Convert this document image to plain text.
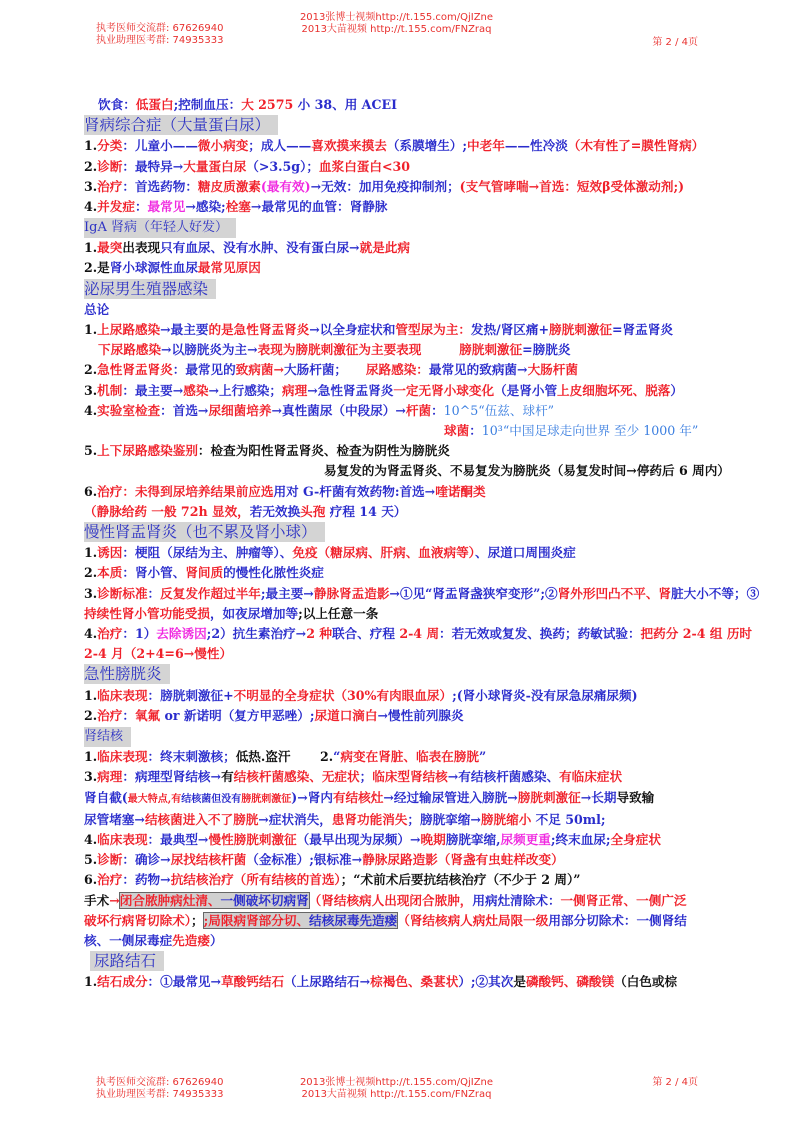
执考医师交流群: 67626940
执业助理医考群: 74935333
2013张博士视频http://t.155.com/QjIZne
2013大苗视频 http://t.155.com/FNZraq
第 2 / 4页
饮食：低蛋白;控制血压：大 2575 小 38、用 ACEI
肾病综合症（大量蛋白尿）
1.分类：儿童小——微小病变；成人——喜欢摸来摸去（系膜增生）;中老年——性冷淡（木有性了=膜性肾病）
2.诊断：最特异→大量蛋白尿（>3.5g）；血浆白蛋白<30
3.治疗：首选药物：糖皮质激素(最有效)→无效：加用免疫抑制剂；(支气管哮喘→首选：短效β受体激动剂;)
4.并发症：最常见→感染;栓塞→最常见的血管：肾静脉
IgA 肾病（年轻人好发）
1.最突出表现只有血尿、没有水肿、没有蛋白尿→就是此病
2.是肾小球源性血尿最常见原因
泌尿男生殖器感染
总论
1.上尿路感染→最主要的是急性肾盂肾炎→以全身症状和管型尿为主：发热/肾区痛+膀胱刺激征=肾盂肾炎
下尿路感染→以膀胱炎为主→表现为膀胱刺激征为主要表现　　　	膀胱刺激征=膀胱炎
2.急性肾盂肾炎：最常见的致病菌→大肠杆菌；　　尿路感染：最常见的致病菌→大肠杆菌
3.机制：最主要→感染→上行感染；病理→急性肾盂肾炎一定无肾小球变化（是肾小管上皮细胞坏死、脱落）
4.实验室检查：首选→尿细菌培养→真性菌尿（中段尿）→杆菌：10^5“伍兹、球杆”
球菌：10³“中国足球走向世界 至少 1000 年”
5.上下尿路感染鉴别：检查为阳性肾盂肾炎、检查为阴性为膀胱炎
易复发的为肾盂肾炎、不易复发为膀胱炎（易复发时间→停药后 6 周内）
6.治疗：未得到尿培养结果前应选用对 G-杆菌有效药物:首选→喹诺酮类
（静脉给药 一般 72h 显效，若无效换头孢 疗程 14 天）
慢性肾盂肾炎（也不累及肾小球）
1.诱因：梗阻（尿结为主、肿瘤等）、免疫（糖尿病、肝病、血液病等）、尿道口周围炎症
2.本质：肾小管、肾间质的慢性化脓性炎症
3.诊断标准：反复发作超过半年;最主要→静脉肾盂造影→①见“肾盂肾盏狭窄变形”;②肾外形凹凸不平、肾脏大小不等；③持续性肾小管功能受损，如夜尿增加等;以上任意一条
4.治疗：1）去除诱因;2）抗生素治疗→2 种联合、疗程 2-4 周：若无效或复发、换药；药敏试验：把药分 2-4 组 历时 2-4 月（2+4=6→慢性）
急性膀胱炎
1.临床表现：膀胱刺激征+不明显的全身症状（30%有肉眼血尿）;(肾小球肾炎-没有尿急尿痛尿频)
2.治疗：氧氟 or 新诺明（复方甲恶唑）;尿道口滴白→慢性前列腺炎
肾结核
1.临床表现：终末刺激核；低热.盗汗　　 2.“病变在肾脏、临表在膀胱”
3.病理：病理型肾结核→有结核杆菌感染、无症状；临床型肾结核→有结核杆菌感染、有临床症状
肾自截(最大特点,有结核菌但没有膀胱刺激征)→肾内有结核灶→经过输尿管进入膀胱→膀胱刺激征→长期导致输
尿管堵塞→结核菌进入不了膀胱→症状消失，患肾功能消失；膀胱挛缩→膀胱缩小 不足 50ml;
4.临床表现：最典型→慢性膀胱刺激征（最早出现为尿频）→晚期膀胱挛缩,尿频更重;终末血尿;全身症状
5.诊断：确诊→尿找结核杆菌（金标准）;银标准→静脉尿路造影（肾盏有虫蛀样改变）
6.治疗：药物→抗结核治疗（所有结核的首选）；“术前术后要抗结核治疗（不少于 2 周）”
手术→闭合脓肿病灶清、一侧破坏切病肾（肾结核病人出现闭合脓肿，用病灶清除术：一侧肾正常、一侧广泛
破坏行病肾切除术）；;局限病肾部分切、结核尿毒先造瘘（肾结核病人病灶局限一级用部分切除术：一侧肾结
核、一侧尿毒症先造瘘）
尿路结石
1.结石成分：①最常见→草酸钙结石（上尿路结石→棕褐色、桑葚状）;②其次是磷酸钙、磷酸镁（白色或棕
执考医师交流群: 67626940
执业助理医考群: 74935333
2013张博士视频http://t.155.com/QjIZne
2013大苗视频 http://t.155.com/FNZraq
第 2 / 4页
